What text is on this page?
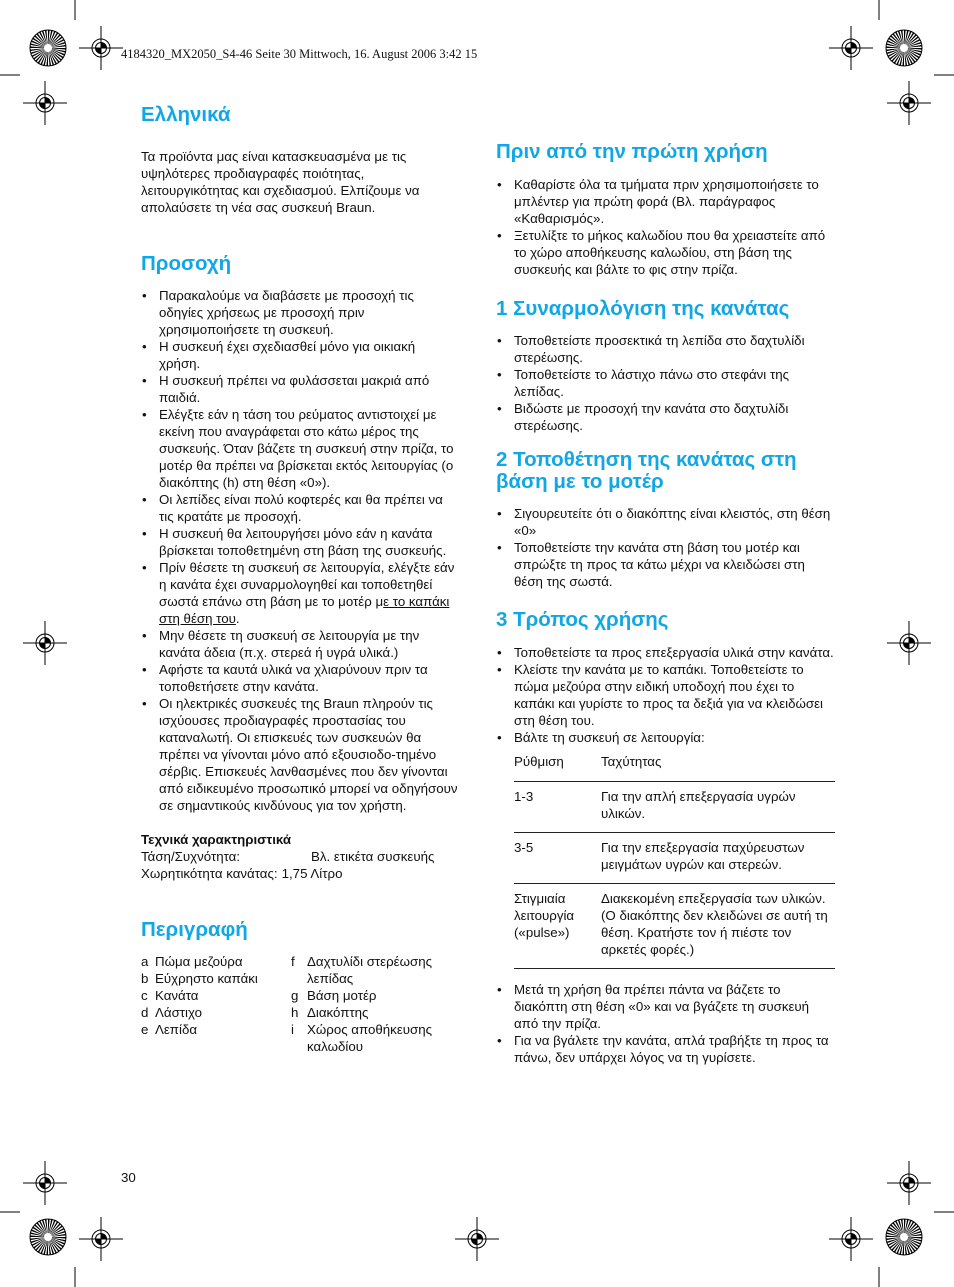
4184320_MX2050_S4-46 Seite 30 Mittwoch, 16. August 2006 3:42 15
Ελληνικά

Τα προϊόντα μας είναι κατασκευασμένα με τις υψηλότερες προδιαγραφές ποιότητας, λειτουργικότητας και σχεδιασμού. Ελπίζουμε να απολαύσετε τη νέα σας συσκευή Braun.

Προσοχή
• Παρακαλούμε να διαβάσετε με προσοχή τις οδηγίες χρήσεως με προσοχή πριν χρησιμοποιήσετε τη συσκευή.
• Η συσκευή έχει σχεδιασθεί μόνο για οικιακή χρήση.
• Η συσκευή πρέπει να φυλάσσεται μακριά από παιδιά.
• Ελέγξτε εάν η τάση του ρεύματος αντιστοιχεί με εκείνη που αναγράφεται στο κάτω μέρος της συσκευής. Όταν βάζετε τη συσκευή στην πρίζα, το μοτέρ θα πρέπει να βρίσκεται εκτός λειτουργίας (ο διακόπτης (h) στη θέση «0»).
• Οι λεπίδες είναι πολύ κοφτερές και θα πρέπει να τις κρατάτε με προσοχή.
• Η συσκευή θα λειτουργήσει μόνο εάν η κανάτα βρίσκεται τοποθετημένη στη βάση της συσκευής.
• Πρίν θέσετε τη συσκευή σε λειτουργία, ελέγξτε εάν η κανάτα έχει συναρμολογηθεί και τοποθετηθεί σωστά επάνω στη βάση με το μοτέρ με το καπάκι στη θέση του.
• Μην θέσετε τη συσκευή σε λειτουργία με την κανάτα άδεια (π.χ. στερεά ή υγρά υλικά.)
• Αφήστε τα καυτά υλικά να χλιαρύνουν πριν τα τοποθετήσετε στην κανάτα.
• Οι ηλεκτρικές συσκευές της Braun πληρούν τις ισχύουσες προδιαγραφές προστασίας του καταναλωτή. Οι επισκευές των συσκευών θα πρέπει να γίνονται μόνο από εξουσιοδο-τημένο σέρβις. Επισκευές λανθασμένες που δεν γίνονται από ειδικευμένο προσωπικό μπορεί να οδηγήσουν σε σημαντικούς κινδύνους για τον χρήστη.

Τεχνικά χαρακτηριστικά

Τάση/Συχνότητα:	Βλ. ετικέτα συσκευής
Χωρητικότητα κανάτας: 1,75 Λίτρο
Περιγραφή
a Πώμα μεζούρα
b Εύχρηστο καπάκι
c Κανάτα
d Λάστιχο
e Λεπίδα
f Δαχτυλίδι στερέωσης λεπίδας
g Βάση μοτέρ
h Διακόπτης
i Χώρος αποθήκευσης καλωδίου
Πριν από την πρώτη χρήση
• Καθαρίστε όλα τα τμήματα πριν χρησιμοποιήσετε το μπλέντερ για πρώτη φορά (Βλ. παράγραφος «Καθαρισμός».
• Ξετυλίξτε το μήκος καλωδίου που θα χρειαστείτε από το χώρο αποθήκευσης καλωδίου, στη βάση της συσκευής και βάλτε το φις στην πρίζα.
1 Συναρμολόγιση της κανάτας
• Τοποθετείστε προσεκτικά τη λεπίδα στο δαχτυλίδι στερέωσης.
• Τοποθετείστε το λάστιχο πάνω στο στεφάνι της λεπίδας.
• Βιδώστε με προσοχή την κανάτα στο δαχτυλίδι στερέωσης.
2 Τοποθέτηση της κανάτας στη βάση με το μοτέρ
• Σιγουρευτείτε ότι ο διακόπτης είναι κλειστός, στη θέση «0»
• Τοποθετείστε την κανάτα στη βάση του μοτέρ και σπρώξτε τη προς τα κάτω μέχρι να κλειδώσει στη θέση της σωστά.
3 Τρόπος χρήσης
• Τοποθετείστε τα προς επεξεργασία υλικά στην κανάτα.
• Κλείστε την κανάτα με το καπάκι. Τοποθετείστε το πώμα μεζούρα στην ειδική υποδοχή που έχει το καπάκι και γυρίστε το προς τα δεξιά για να κλειδώσει στη θέση του.
• Βάλτε τη συσκευή σε λειτουργία:
Ρύθμιση	Ταχύτητας

1-3	Για την απλή επεξεργασία υγρών υλικών.

3-5	Για την επεξεργασία παχύρευστων μειγμάτων υγρών και στερεών.

Στιγμιαία λειτουργία («pulse»)	Διακεκομένη επεξεργασία των υλικών. (Ο διακόπτης δεν κλειδώνει σε αυτή τη θέση. Κρατήστε τον ή πιέστε τον αρκετές φορές.)

• Μετά τη χρήση θα πρέπει πάντα να βάζετε το διακόπτη στη θέση «0» και να βγάζετε τη συσκευή από την πρίζα.
• Για να βγάλετε την κανάτα, απλά τραβήξτε τη προς τα πάνω, δεν υπάρχει λόγος να τη γυρίσετε.
30
